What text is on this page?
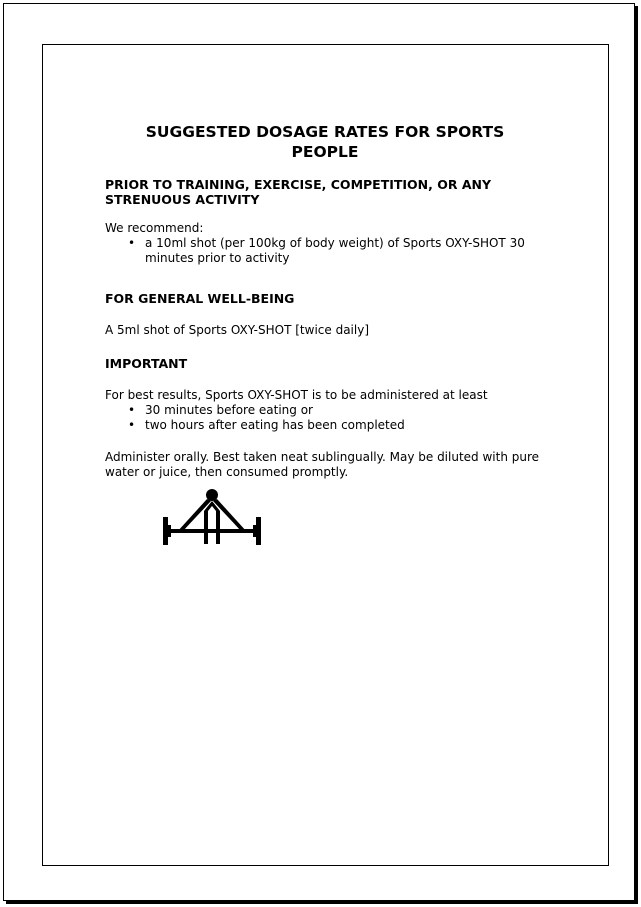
SUGGESTED DOSAGE RATES FOR SPORTS PEOPLE
PRIOR TO TRAINING, EXERCISE, COMPETITION, OR ANY STRENUOUS ACTIVITY

We recommend:

• a 10ml shot (per 100kg of body weight) of Sports OXY-SHOT 30 minutes prior to activity
FOR GENERAL WELL-BEING

A 5ml shot of Sports OXY-SHOT [twice daily]

IMPORTANT

For best results, Sports OXY-SHOT is to be administered at least

• 30 minutes before eating or
• two hours after eating has been completed

Administer orally. Best taken neat sublingually. May be diluted with pure water or juice, then consumed promptly.
